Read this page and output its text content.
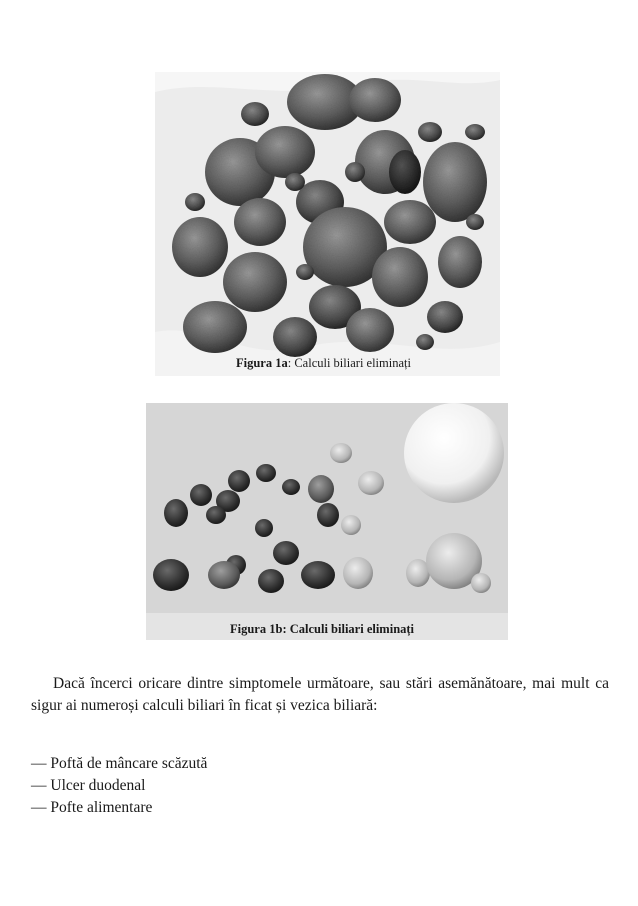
Figura 1a: Calculi biliari eliminați
Figura 1b: Calculi biliari eliminați

Dacă încerci oricare dintre simptomele următoare, sau stări asemănătoare, mai mult ca sigur ai numeroși calculi biliari în ficat și vezica biliară:

— Poftă de mâncare scăzută
— Ulcer duodenal
— Pofte alimentare
